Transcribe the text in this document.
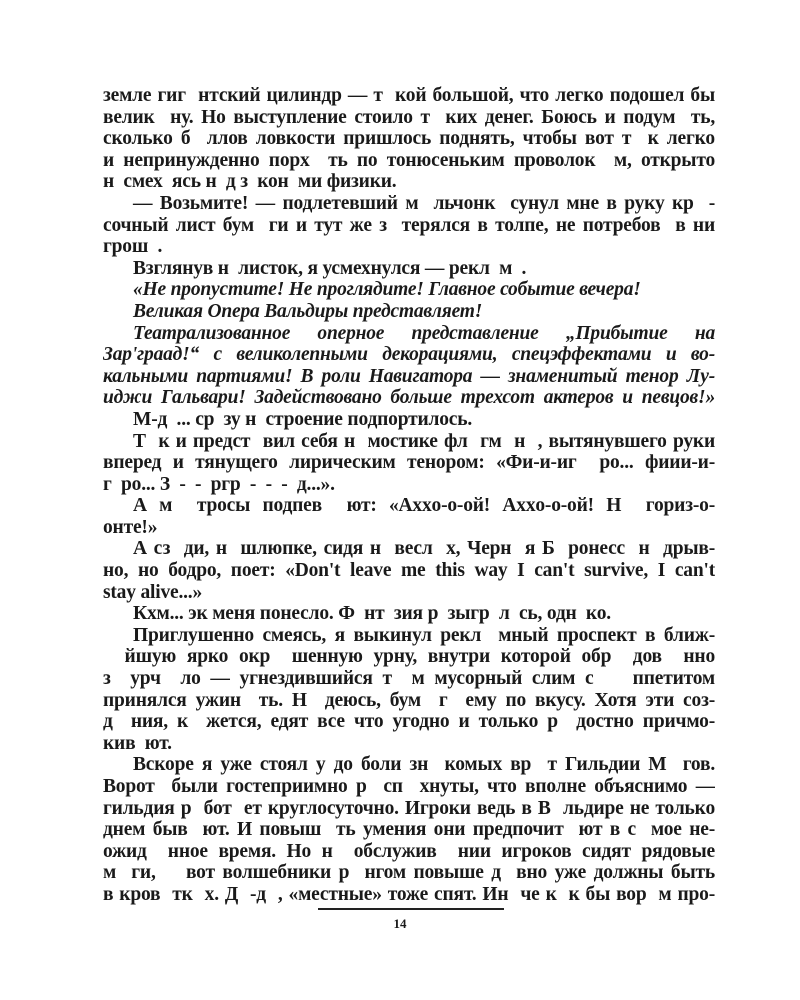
земле гиг  нтский цилиндр — т  кой большой, что легко подошел бы
велик  ну. Но выступление стоило т  ких денег. Боюсь и подум  ть,
сколько б  ллов ловкости пришлось поднять, чтобы вот т  к легко
и непринужденно порх  ть по тонюсеньким проволок  м, открыто
н  смех  ясь н  д з  кон  ми физики.
— Возьмите! — подлетевший м  льчонк  сунул мне в руку кр  -
сочный лист бум  ги и тут же з  терялся в толпе, не потребов  в ни
грош  .
Взглянув н  листок, я усмехнулся — рекл  м  .
«Не пропустите! Не проглядите! Главное событие вечера!
Великая Опера Вальдиры представляет!
Театрализованное оперное представление „Прибытие на
Зар'граад!“ с великолепными декорациями, спецэффектами и во-
кальными партиями! В роли Навигатора — знаменитый тенор Лу-
иджи Гальвари! Задействовано больше трехсот актеров и певцов!»
М-д  ... ср  зу н  строение подпортилось.
Т  к и предст  вил себя н  мостике фл  гм  н  , вытянувшего руки
вперед и тянущего лирическим тенором: «Фи-и-иг  ро... фиии-и-
г  ро... З  -  -  ргр  -  -  -  д...».
А м  тросы подпев  ют: «Ахxо-о-ой! Ахxо-о-ой! Н  гориз-о-
онте!»
А сз  ди, н  шлюпке, сидя н  весл  х, Черн  я Б  ронесс  н  дрыв-
но, но бодро, поет: «Don't leave me this way I can't survive, I can't
stay alive...»
Кхм... эк меня понесло. Ф  нт  зия р  зыгр  л  сь, одн  ко.
Приглушенно смеясь, я выкинул рекл  мный проспект в ближ-
йшую ярко окр  шенную урну, внутри которой обр  дов  нно
з  урч  ло — угнездившийся т  м мусорный слим с    ппетитом
принялся ужин  ть. Н  деюсь, бум  г  ему по вкусу. Хотя эти соз-
д  ния, к  жется, едят все что угодно и только р  достно причмо-
кив  ют.
Вскоре я уже стоял у до боли зн  комых вр  т Гильдии М  гов.
Ворот  были гостеприимно р  сп  хнуты, что вполне объяснимо —
гильдия р  бот  ет круглосуточно. Игроки ведь в В  льдире не только
днем быв  ют. И повыш  ть умения они предпочит  ют в с  мое не-
ожид  нное время. Но н  обслужив  нии игроков сидят рядовые
м  ги,    вот волшебники р  нгом повыше д  вно уже должны быть
в кров  тк  х. Д  -д  , «местные» тоже спят. Ин  че к  к бы вор  м про-
14
